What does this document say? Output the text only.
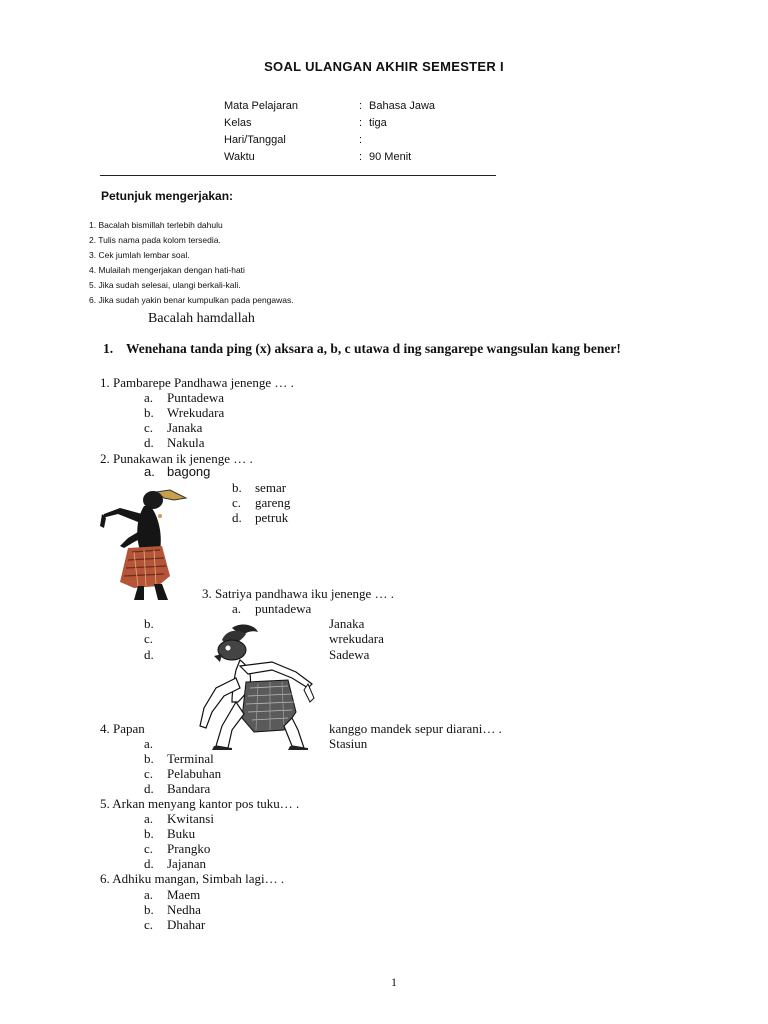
SOAL ULANGAN AKHIR SEMESTER I
Mata Pelajaran	: Bahasa Jawa
Kelas	: tiga
Hari/Tanggal	:
Waktu	: 90 Menit
Petunjuk mengerjakan:
1. Bacalah bismillah terlebih dahulu
2. Tulis nama pada kolom tersedia.
3. Cek jumlah lembar soal.
4. Mulailah mengerjakan dengan hati-hati
5. Jika sudah selesai, ulangi berkali-kali.
6. Jika sudah yakin benar kumpulkan pada pengawas.
Bacalah hamdallah
1. Wenehana tanda ping (x) aksara a, b, c utawa d ing sangarepe wangsulan kang bener!
1. Pambarepe Pandhawa jenenge … .
a. Puntadewa
b. Wrekudara
c. Janaka
d. Nakula
2. Punakawan ik jenenge … .
a. bagong
b. semar
c. gareng
d. petruk
3. Satriya pandhawa iku jenenge … .
a. puntadewa
b.	Janaka
c.	wrekudara
d.	Sadewa
4. Papan	kanggo mandek sepur diarani… .
a.	Stasiun
b. Terminal
c. Pelabuhan
d. Bandara
5. Arkan menyang kantor pos tuku… .
a. Kwitansi
b. Buku
c. Prangko
d. Jajanan
6. Adhiku mangan, Simbah lagi… .
a. Maem
b. Nedha
c. Dhahar
1
